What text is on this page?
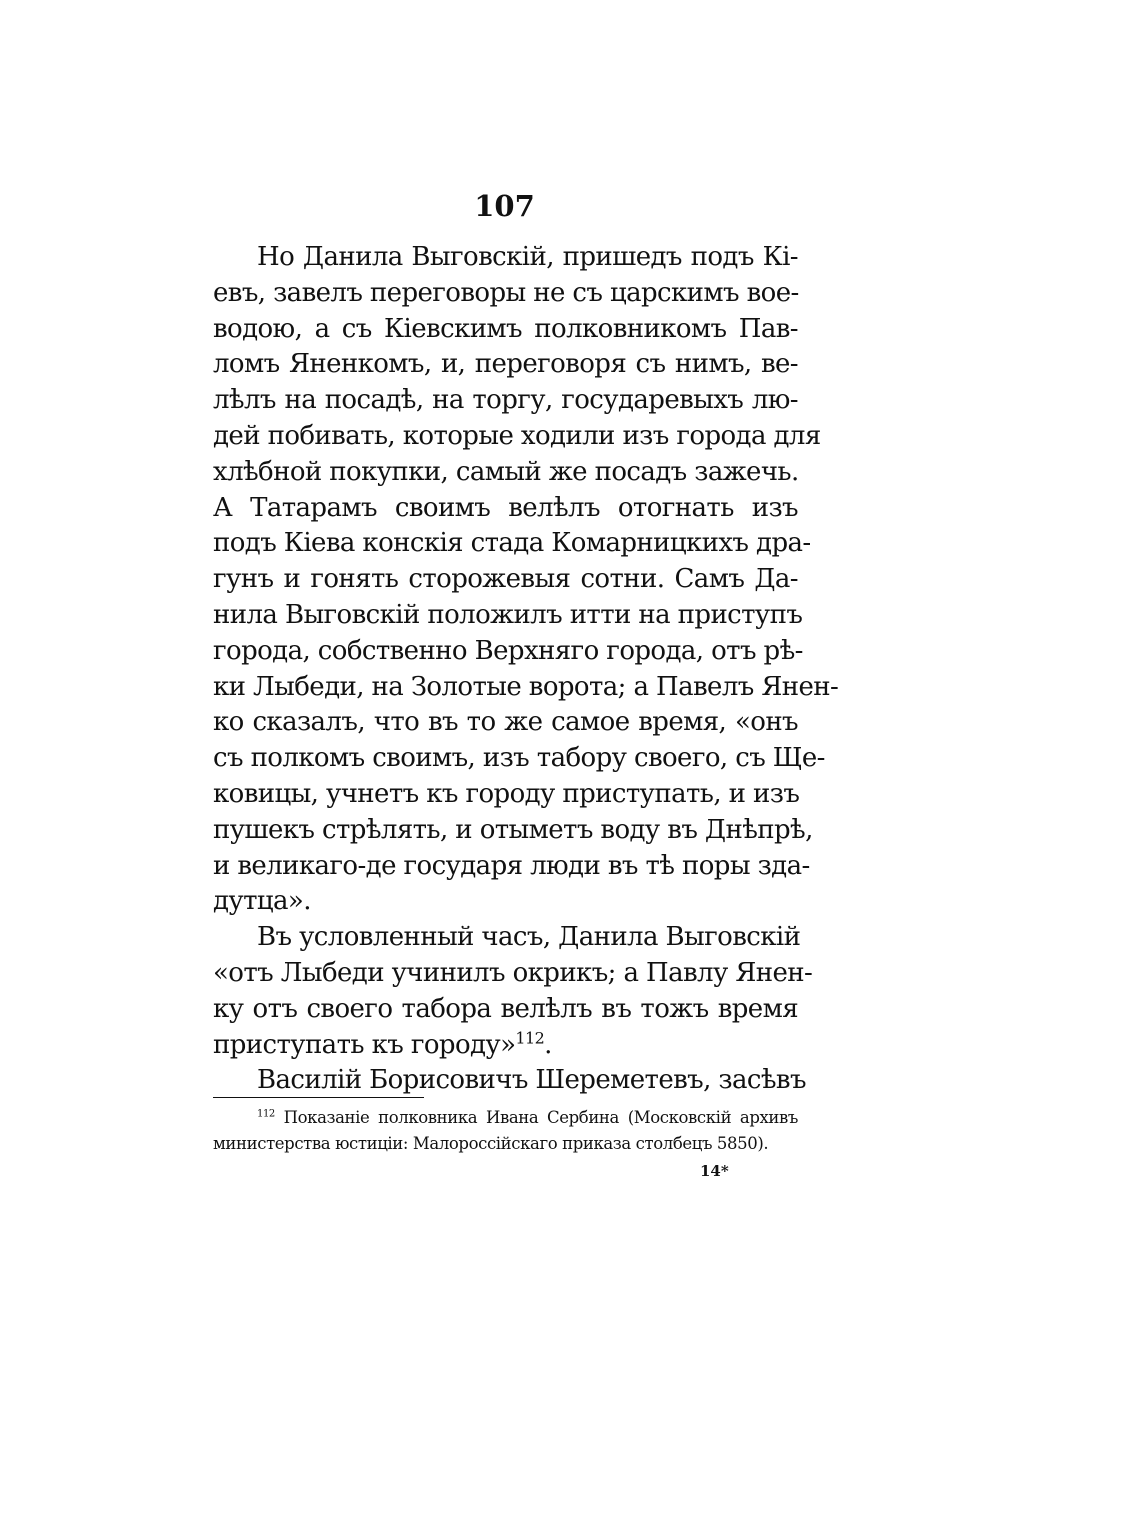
107
Но Данила Выговскій, пришедъ подъ Кі-
евъ, завелъ переговоры не съ царскимъ вое-
водою, а съ Кіевскимъ полковникомъ Пав-
ломъ Яненкомъ, и, переговоря съ нимъ, ве-
лѣлъ на посадѣ, на торгу, государевыхъ лю-
дей побивать, которые ходили изъ города для
хлѣбной покупки, самый же посадъ зажечь.
А Татарамъ своимъ велѣлъ отогнать изъ
подъ Кіева конскія стада Комарницкихъ дра-
гунъ и гонять сторожевыя сотни. Самъ Да-
нила Выговскій положилъ итти на приступъ
города, собственно Верхняго города, отъ рѣ-
ки Лыбеди, на Золотые ворота; а Павелъ Янен-
ко сказалъ, что въ то же самое время, «онъ
съ полкомъ своимъ, изъ табору своего, съ Ще-
ковицы, учнетъ къ городу приступать, и изъ
пушекъ стрѣлять, и отыметъ воду въ Днѣпрѣ,
и великаго-де государя люди въ тѣ поры зда-
дутца».
Въ условленный часъ, Данила Выговскій
«отъ Лыбеди учинилъ окрикъ; а Павлу Янен-
ку отъ своего табора велѣлъ въ тожъ время
приступать къ городу»$^{112}$.
Василій Борисовичъ Шереметевъ, засѣвъ
$^{112}$ Показаніе полковника Ивана Сербина (Московскій архивъ
министерства юстиціи: Малороссійскаго приказа столбецъ 5850).
14*
